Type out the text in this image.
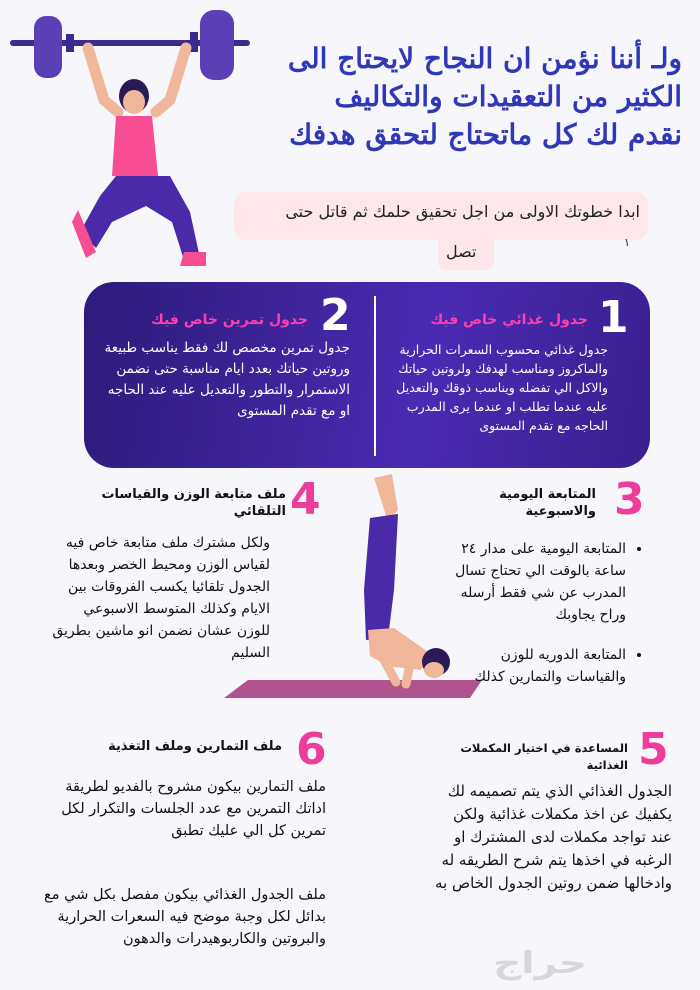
ولـ أننا نؤمن ان النجاح لايحتاج الى
الكثير من التعقيدات والتكاليف
نقدم لك كل ماتحتاج لتحقق هدفك
ابدا خطوتك الاولى من اجل تحقيق حلمك ثم قاتل حتى
تصل	١
1
جدول غذائي خاص فيك
جدول غذائي محسوب السعرات الحرارية والماكروز ومناسب لهدفك ولروتين حياتك والاكل الي تفضله ويناسب ذوقك والتعديل عليه عندما تطلب او عندما يرى المدرب الحاجه مع تقدم المستوى
2
جدول تمرين خاص فيك
جدول تمرين مخصص لك فقط يناسب طبيعة وروتين حياتك بعدد ايام مناسبة حتى نضمن الاستمرار والتطور والتعديل عليه عند الحاجه او مع تقدم المستوى
3
المتابعة اليومية
والاسبوعية
• المتابعة اليومية على مدار ٢٤ ساعة بالوقت الي تحتاج تسال المدرب عن شي فقط أرسله وراح يجاوبك
• المتابعة الدوريه للوزن والقياسات والتمارين كذلك
4
ملف متابعة الوزن والقياسات
التلقائي
ولكل مشترك ملف متابعة خاص فيه لقياس الوزن ومحيط الخصر وبعدها الجدول تلقائيا يكسب الفروقات بين الايام وكذلك المتوسط الاسبوعي للوزن عشان نضمن انو ماشين بطريق السليم
5
المساعدة في اختيار المكملات الغذائية
الجدول الغذائي الذي يتم تصميمه لك يكفيك عن اخذ مكملات غذائية ولكن عند تواجد مكملات لدى المشترك او الرغبه في اخذها يتم شرح الطريقه له وادخالها ضمن روتين الجدول الخاص به
6
ملف التمارين وملف التغذية
ملف التمارين بيكون مشروح بالفديو لطريقة اداتك التمرين مع عدد الجلسات والتكرار لكل تمرين كل الي عليك تطبق
ملف الجدول الغذائي بيكون مفصل بكل شي مع بدائل لكل وجبة موضح فيه السعرات الحرارية والبروتين والكاربوهيدرات والدهون
حراج
